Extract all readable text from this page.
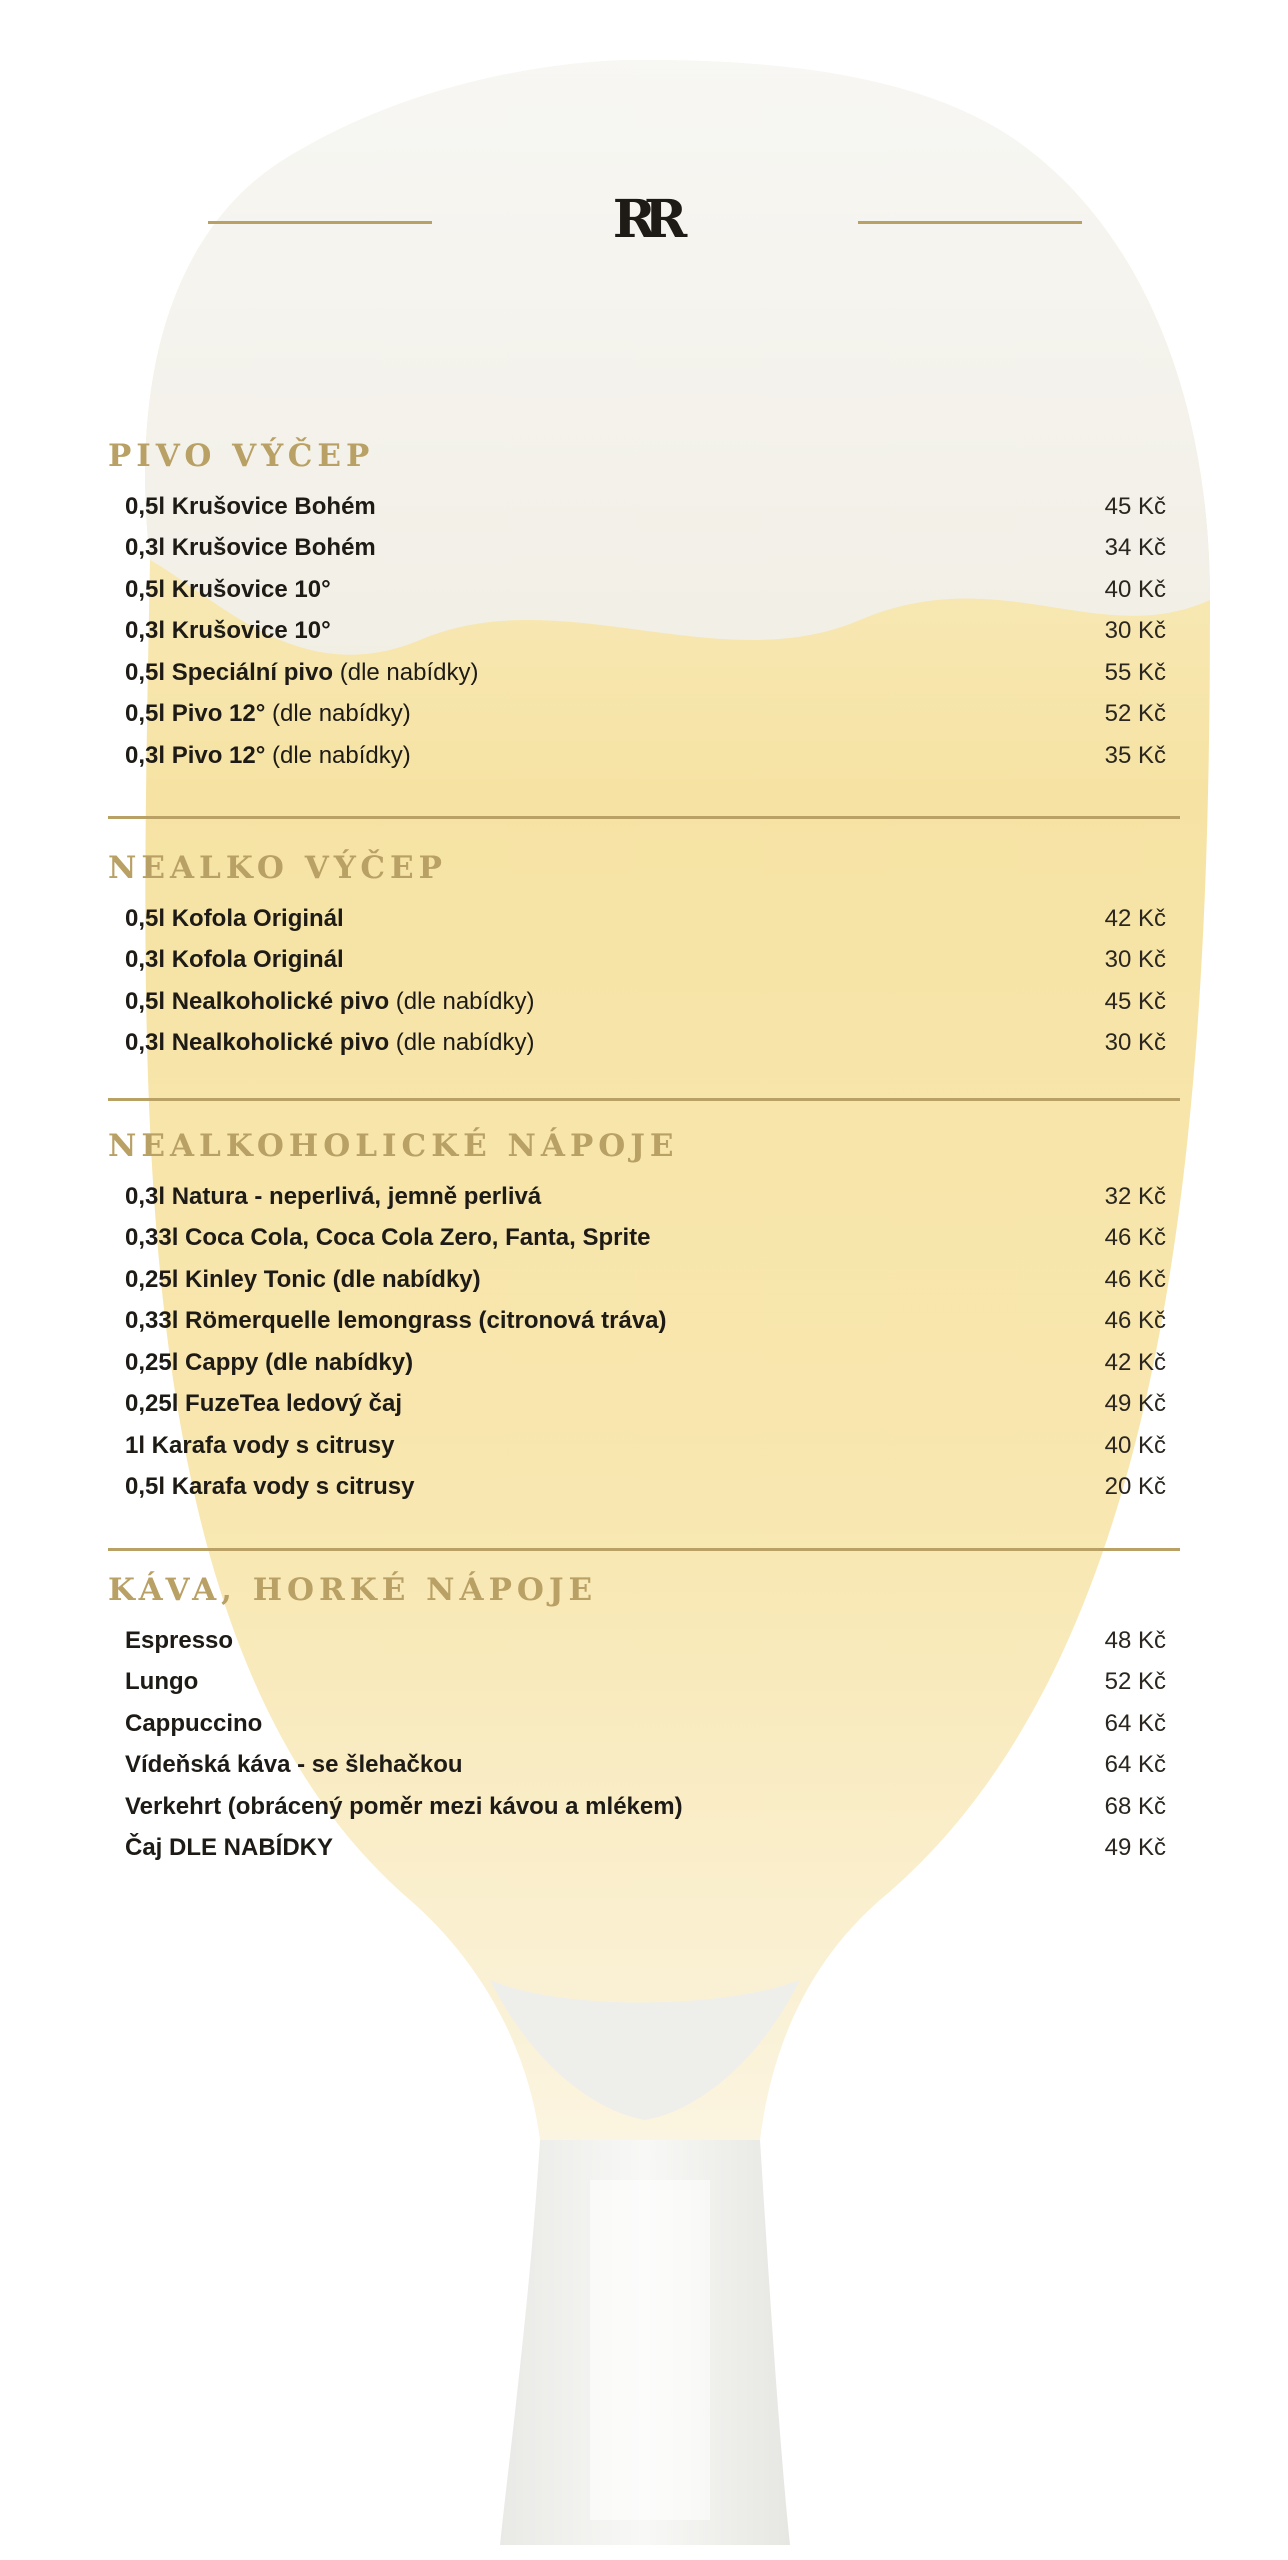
RR
PIVO VÝČEP
0,5l Krušovice Bohém	45 Kč
0,3l Krušovice Bohém	34 Kč
0,5l Krušovice 10°	40 Kč
0,3l Krušovice 10°	30 Kč
0,5l Speciální pivo (dle nabídky)	55 Kč
0,5l Pivo 12° (dle nabídky)	52 Kč
0,3l Pivo 12° (dle nabídky)	35 Kč
NEALKO VÝČEP
0,5l Kofola Originál	42 Kč
0,3l Kofola Originál	30 Kč
0,5l Nealkoholické pivo (dle nabídky)	45 Kč
0,3l Nealkoholické pivo (dle nabídky)	30 Kč
NEALKOHOLICKÉ NÁPOJE
0,3l Natura - neperlivá, jemně perlivá	32 Kč
0,33l Coca Cola, Coca Cola Zero, Fanta, Sprite	46 Kč
0,25l Kinley Tonic (dle nabídky)	46 Kč
0,33l Römerquelle lemongrass (citronová tráva)	46 Kč
0,25l Cappy (dle nabídky)	42 Kč
0,25l FuzeTea ledový čaj	49 Kč
1l Karafa vody s citrusy	40 Kč
0,5l Karafa vody s citrusy	20 Kč
KÁVA, HORKÉ NÁPOJE
Espresso	48 Kč
Lungo	52 Kč
Cappuccino	64 Kč
Vídeňská káva - se šlehačkou	64 Kč
Verkehrt (obrácený poměr mezi kávou a mlékem)	68 Kč
Čaj DLE NABÍDKY	49 Kč
